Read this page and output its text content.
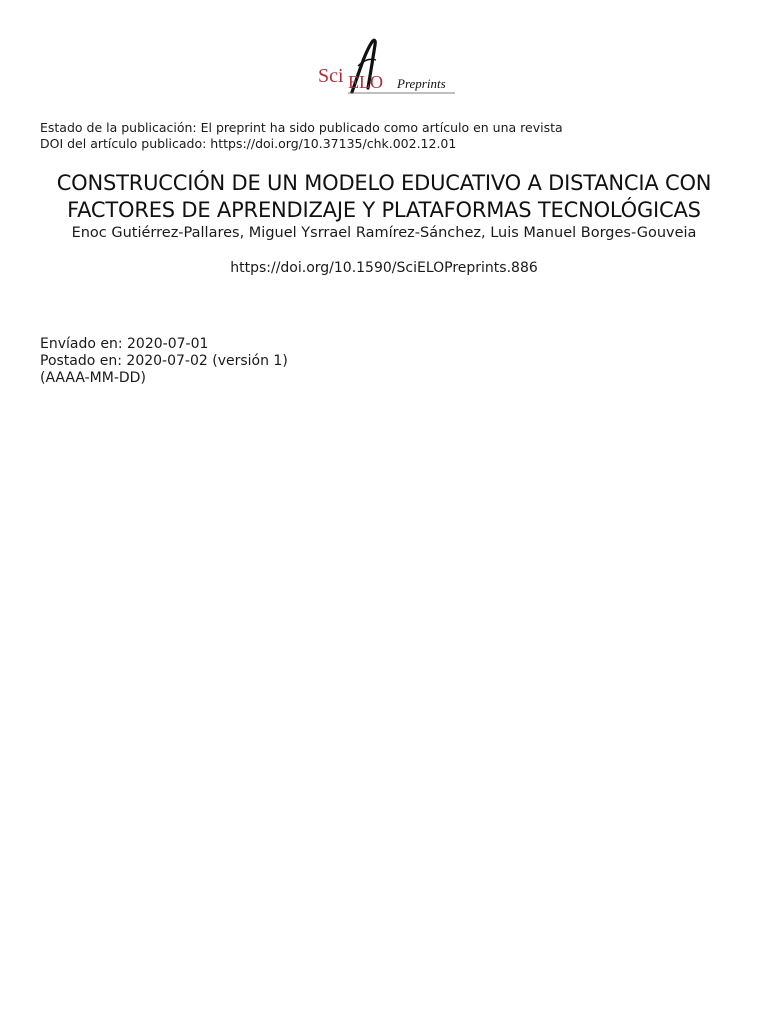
Sci ELO Preprints
Estado de la publicación: El preprint ha sido publicado como artículo en una revista
DOI del artículo publicado: https://doi.org/10.37135/chk.002.12.01
CONSTRUCCIÓN DE UN MODELO EDUCATIVO A DISTANCIA CON FACTORES DE APRENDIZAJE Y PLATAFORMAS TECNOLÓGICAS
Enoc Gutiérrez-Pallares, Miguel Ysrrael Ramírez-Sánchez, Luis Manuel Borges-Gouveia
https://doi.org/10.1590/SciELOPreprints.886
Envíado en: 2020-07-01
Postado en: 2020-07-02 (versión 1)
(AAAA-MM-DD)
